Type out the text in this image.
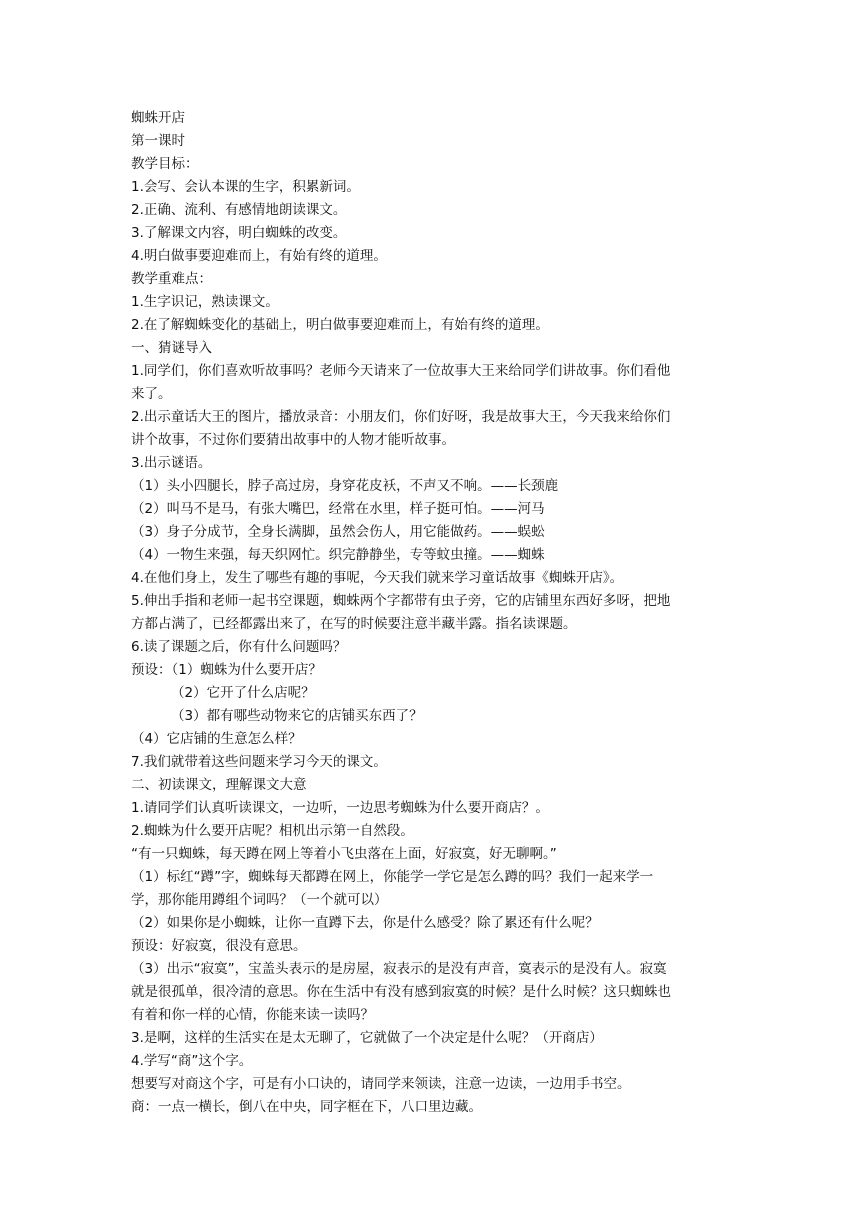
蜘蛛开店
第一课时
教学目标：
1.会写、会认本课的生字，积累新词。
2.正确、流利、有感情地朗读课文。
3.了解课文内容，明白蜘蛛的改变。
4.明白做事要迎难而上，有始有终的道理。
教学重难点：
1.生字识记，熟读课文。
2.在了解蜘蛛变化的基础上，明白做事要迎难而上，有始有终的道理。
一、猜谜导入
1.同学们，你们喜欢听故事吗？老师今天请来了一位故事大王来给同学们讲故事。你们看他
来了。
2.出示童话大王的图片，播放录音：小朋友们，你们好呀，我是故事大王，今天我来给你们
讲个故事，不过你们要猜出故事中的人物才能听故事。
3.出示谜语。
（1）头小四腿长，脖子高过房，身穿花皮袄，不声又不响。——长颈鹿
（2）叫马不是马，有张大嘴巴，经常在水里，样子挺可怕。——河马
（3）身子分成节，全身长满脚，虽然会伤人，用它能做药。——蜈蚣
（4）一物生来强，每天织网忙。织完静静坐，专等蚊虫撞。——蜘蛛
4.在他们身上，发生了哪些有趣的事呢，今天我们就来学习童话故事《蜘蛛开店》。
5.伸出手指和老师一起书空课题，蜘蛛两个字都带有虫子旁，它的店铺里东西好多呀，把地
方都占满了，已经都露出来了，在写的时候要注意半藏半露。指名读课题。
6.读了课题之后，你有什么问题吗？
预设：（1）蜘蛛为什么要开店？
（2）它开了什么店呢？
（3）都有哪些动物来它的店铺买东西了？
（4）它店铺的生意怎么样？
7.我们就带着这些问题来学习今天的课文。
二、初读课文，理解课文大意
1.请同学们认真听读课文，一边听，一边思考蜘蛛为什么要开商店？。
2.蜘蛛为什么要开店呢？相机出示第一自然段。
“有一只蜘蛛，每天蹲在网上等着小飞虫落在上面，好寂寞，好无聊啊。”
（1）标红“蹲”字，蜘蛛每天都蹲在网上，你能学一学它是怎么蹲的吗？我们一起来学一
学，那你能用蹲组个词吗？（一个就可以）
（2）如果你是小蜘蛛，让你一直蹲下去，你是什么感受？除了累还有什么呢？
预设：好寂寞，很没有意思。
（3）出示“寂寞”，宝盖头表示的是房屋，寂表示的是没有声音，寞表示的是没有人。寂寞
就是很孤单，很冷清的意思。你在生活中有没有感到寂寞的时候？是什么时候？这只蜘蛛也
有着和你一样的心情，你能来读一读吗？
3.是啊，这样的生活实在是太无聊了，它就做了一个决定是什么呢？（开商店）
4.学写“商”这个字。
想要写对商这个字，可是有小口诀的，请同学来领读，注意一边读，一边用手书空。
商：一点一横长，倒八在中央，同字框在下，八口里边藏。
